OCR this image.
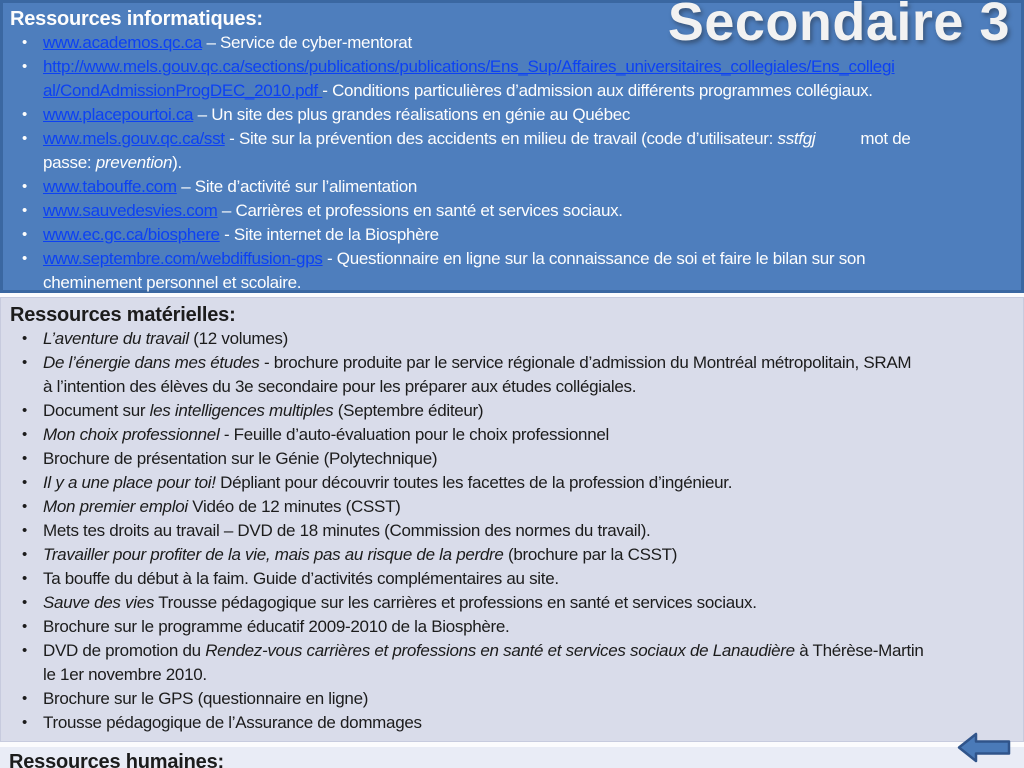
Ressources informatiques:
• www.academos.qc.ca – Service de cyber-mentorat
• http://www.mels.gouv.qc.ca/sections/publications/publications/Ens_Sup/Affaires_universitaires_collegiales/Ens_collegi
al/CondAdmissionProgDEC_2010.pdf - Conditions particulières d’admission aux différents programmes collégiaux.
• www.placepourtoi.ca – Un site des plus grandes réalisations en génie au Québec
• www.mels.gouv.qc.ca/sst - Site sur la prévention des accidents en milieu de travail (code d’utilisateur: sstfgj	mot de
passe: prevention).
• www.tabouffe.com – Site d’activité sur l’alimentation
• www.sauvedesvies.com – Carrières et professions en santé et services sociaux.
• www.ec.gc.ca/biosphere - Site internet de la Biosphère
• www.septembre.com/webdiffusion-gps - Questionnaire en ligne sur la connaissance de soi et faire le bilan sur son
cheminement personnel et scolaire.
Secondaire 3
Ressources matérielles:
• L’aventure du travail (12 volumes)
• De l’énergie dans mes études - brochure produite par le service régionale d’admission du Montréal métropolitain, SRAM
à l’intention des élèves du 3e secondaire pour les préparer aux études collégiales.
• Document sur les intelligences multiples (Septembre éditeur)
• Mon choix professionnel - Feuille d’auto-évaluation pour le choix professionnel
• Brochure de présentation sur le Génie (Polytechnique)
• Il y a une place pour toi! Dépliant pour découvrir toutes les facettes de la profession d’ingénieur.
• Mon premier emploi Vidéo de 12 minutes (CSST)
• Mets tes droits au travail – DVD de 18 minutes (Commission des normes du travail).
• Travailler pour profiter de la vie, mais pas au risque de la perdre (brochure par la CSST)
• Ta bouffe du début à la faim. Guide d’activités complémentaires au site.
• Sauve des vies Trousse pédagogique sur les carrières et professions en santé et services sociaux.
• Brochure sur le programme éducatif 2009-2010 de la Biosphère.
• DVD de promotion du Rendez-vous carrières et professions en santé et services sociaux de Lanaudière à Thérèse-Martin
le 1er novembre 2010.
• Brochure sur le GPS (questionnaire en ligne)
• Trousse pédagogique de l’Assurance de dommages
Ressources humaines:
